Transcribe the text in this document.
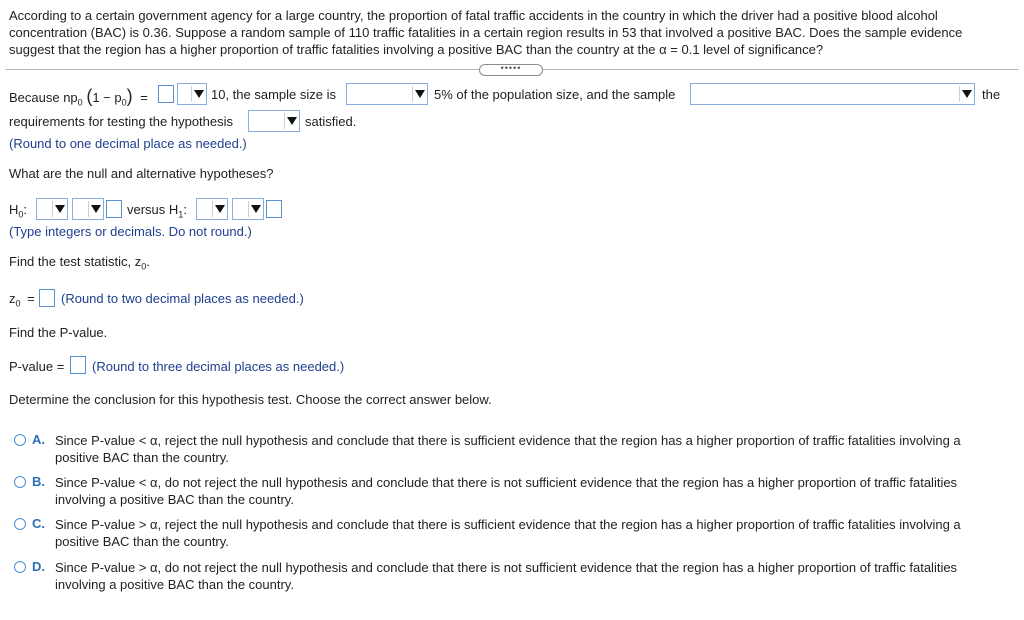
According to a certain government agency for a large country, the proportion of fatal traffic accidents in the country in which the driver had a positive blood alcohol concentration (BAC) is 0.36. Suppose a random sample of 110 traffic fatalities in a certain region results in 53 that involved a positive BAC. Does the sample evidence suggest that the region has a higher proportion of traffic fatalities involving a positive BAC than the country at the α = 0.1 level of significance?
•••••
Because $np_0$ $(1 - p_0)$ =	10, the sample size is	5% of the population size, and the sample	the
requirements for testing the hypothesis	satisfied.
(Round to one decimal place as needed.)
What are the null and alternative hypotheses?
$H_0$:	versus $H_1$:
(Type integers or decimals. Do not round.)
Find the test statistic, $z_0$.
$z_0$ = (Round to two decimal places as needed.)
Find the P-value.
P-value = (Round to three decimal places as needed.)
Determine the conclusion for this hypothesis test. Choose the correct answer below.
A. Since P-value < α, reject the null hypothesis and conclude that there is sufficient evidence that the region has a higher proportion of traffic fatalities involving a positive BAC than the country.
B. Since P-value < α, do not reject the null hypothesis and conclude that there is not sufficient evidence that the region has a higher proportion of traffic fatalities involving a positive BAC than the country.
C. Since P-value > α, reject the null hypothesis and conclude that there is sufficient evidence that the region has a higher proportion of traffic fatalities involving a positive BAC than the country.
D. Since P-value > α, do not reject the null hypothesis and conclude that there is not sufficient evidence that the region has a higher proportion of traffic fatalities involving a positive BAC than the country.
